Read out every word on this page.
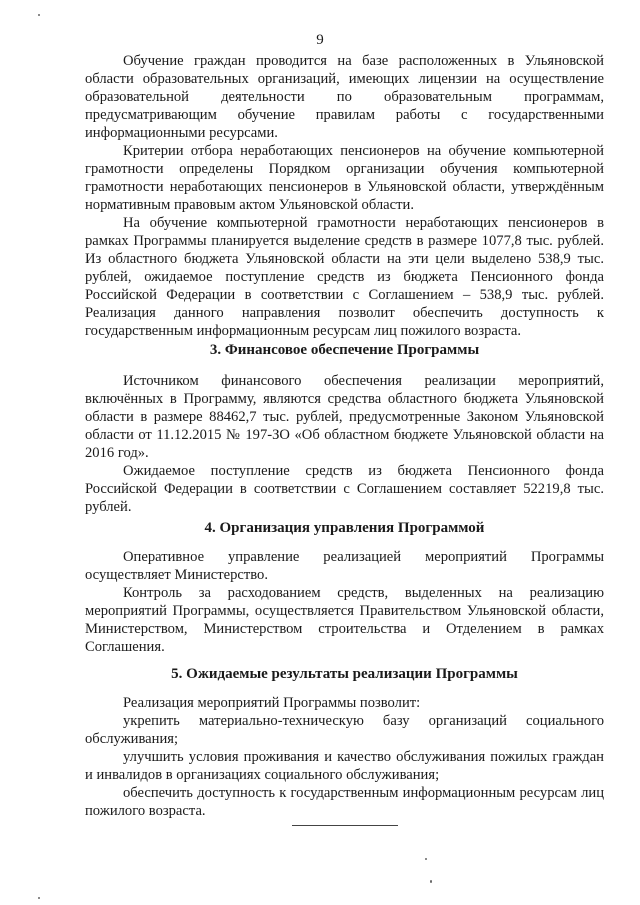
9

Обучение граждан проводится на базе расположенных в Ульяновской области образовательных организаций, имеющих лицензии на осуществление образовательной деятельности по образовательным программам, предусматривающим обучение правилам работы с государственными информационными ресурсами.

Критерии отбора неработающих пенсионеров на обучение компьютерной грамотности определены Порядком организации обучения компьютерной грамотности неработающих пенсионеров в Ульяновской области, утверждённым нормативным правовым актом Ульяновской области.

На обучение компьютерной грамотности неработающих пенсионеров в рамках Программы планируется выделение средств в размере 1077,8 тыс. рублей. Из областного бюджета Ульяновской области на эти цели выделено 538,9 тыс. рублей, ожидаемое поступление средств из бюджета Пенсионного фонда Российской Федерации в соответствии с Соглашением – 538,9 тыс. рублей. Реализация данного направления позволит обеспечить доступность к государственным информационным ресурсам лиц пожилого возраста.

3. Финансовое обеспечение Программы

Источником финансового обеспечения реализации мероприятий, включённых в Программу, являются средства областного бюджета Ульяновской области в размере 88462,7 тыс. рублей, предусмотренные Законом Ульяновской области от 11.12.2015 № 197-ЗО «Об областном бюджете Ульяновской области на 2016 год».

Ожидаемое поступление средств из бюджета Пенсионного фонда Российской Федерации в соответствии с Соглашением составляет 52219,8 тыс. рублей.

4. Организация управления Программой

Оперативное управление реализацией мероприятий Программы осуществляет Министерство.

Контроль за расходованием средств, выделенных на реализацию мероприятий Программы, осуществляется Правительством Ульяновской области, Министерством, Министерством строительства и Отделением в рамках Соглашения.

5. Ожидаемые результаты реализации Программы

Реализация мероприятий Программы позволит:

укрепить материально-техническую базу организаций социального обслуживания;

улучшить условия проживания и качество обслуживания пожилых граждан и инвалидов в организациях социального обслуживания;

обеспечить доступность к государственным информационным ресурсам лиц пожилого возраста.
